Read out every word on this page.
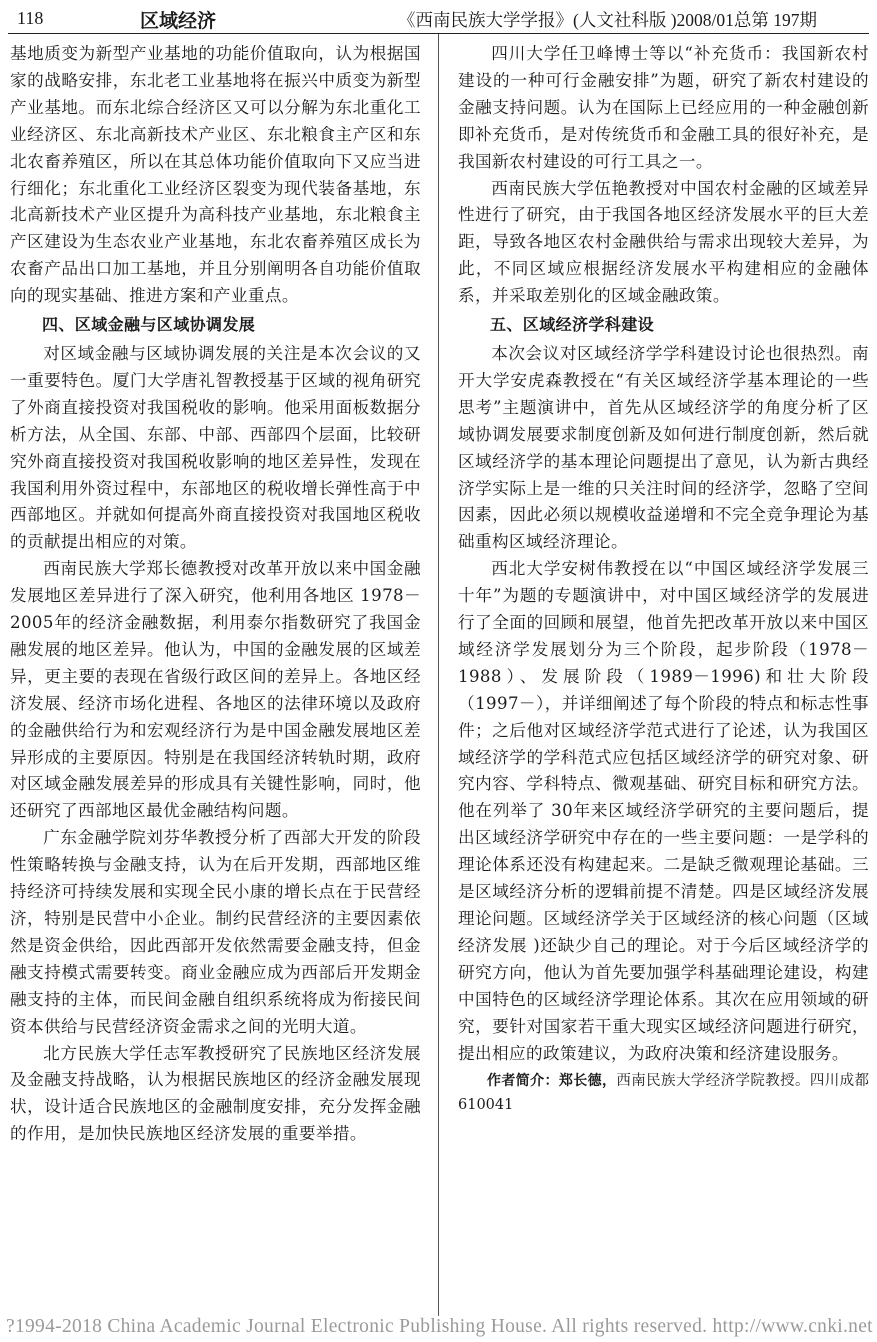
118	区域经济	《西南民族大学学报》(人文社科版 )2008/01总第 197期

基地质变为新型产业基地的功能价值取向，认为根据国家的战略安排，东北老工业基地将在振兴中质变为新型产业基地。而东北综合经济区又可以分解为东北重化工业经济区、东北高新技术产业区、东北粮食主产区和东北农畜养殖区，所以在其总体功能价值取向下又应当进行细化；东北重化工业经济区裂变为现代装备基地，东北高新技术产业区提升为高科技产业基地，东北粮食主产区建设为生态农业产业基地，东北农畜养殖区成长为农畜产品出口加工基地，并且分别阐明各自功能价值取向的现实基础、推进方案和产业重点。

四、区域金融与区域协调发展

对区域金融与区域协调发展的关注是本次会议的又一重要特色。厦门大学唐礼智教授基于区域的视角研究了外商直接投资对我国税收的影响。他采用面板数据分析方法，从全国、东部、中部、西部四个层面，比较研究外商直接投资对我国税收影响的地区差异性，发现在我国利用外资过程中，东部地区的税收增长弹性高于中西部地区。并就如何提高外商直接投资对我国地区税收的贡献提出相应的对策。

西南民族大学郑长德教授对改革开放以来中国金融发展地区差异进行了深入研究，他利用各地区 1978－2005年的经济金融数据，利用泰尔指数研究了我国金融发展的地区差异。他认为，中国的金融发展的区域差异，更主要的表现在省级行政区间的差异上。各地区经济发展、经济市场化进程、各地区的法律环境以及政府的金融供给行为和宏观经济行为是中国金融发展地区差异形成的主要原因。特别是在我国经济转轨时期，政府对区域金融发展差异的形成具有关键性影响，同时，他还研究了西部地区最优金融结构问题。

广东金融学院刘芬华教授分析了西部大开发的阶段性策略转换与金融支持，认为在后开发期，西部地区维持经济可持续发展和实现全民小康的增长点在于民营经济，特别是民营中小企业。制约民营经济的主要因素依然是资金供给，因此西部开发依然需要金融支持，但金融支持模式需要转变。商业金融应成为西部后开发期金融支持的主体，而民间金融自组织系统将成为衔接民间资本供给与民营经济资金需求之间的光明大道。

北方民族大学任志军教授研究了民族地区经济发展及金融支持战略，认为根据民族地区的经济金融发展现状，设计适合民族地区的金融制度安排，充分发挥金融的作用，是加快民族地区经济发展的重要举措。

四川大学任卫峰博士等以“补充货币：我国新农村建设的一种可行金融安排”为题，研究了新农村建设的金融支持问题。认为在国际上已经应用的一种金融创新即补充货币，是对传统货币和金融工具的很好补充，是我国新农村建设的可行工具之一。

西南民族大学伍艳教授对中国农村金融的区域差异性进行了研究，由于我国各地区经济发展水平的巨大差距，导致各地区农村金融供给与需求出现较大差异，为此，不同区域应根据经济发展水平构建相应的金融体系，并采取差别化的区域金融政策。

五、区域经济学科建设

本次会议对区域经济学学科建设讨论也很热烈。南开大学安虎森教授在“有关区域经济学基本理论的一些思考”主题演讲中，首先从区域经济学的角度分析了区域协调发展要求制度创新及如何进行制度创新，然后就区域经济学的基本理论问题提出了意见，认为新古典经济学实际上是一维的只关注时间的经济学，忽略了空间因素，因此必须以规模收益递增和不完全竞争理论为基础重构区域经济理论。

西北大学安树伟教授在以“中国区域经济学发展三十年”为题的专题演讲中，对中国区域经济学的发展进行了全面的回顾和展望，他首先把改革开放以来中国区域经济学发展划分为三个阶段，起步阶段（1978－1988）、发展阶段（1989－1996)和壮大阶段（1997－），并详细阐述了每个阶段的特点和标志性事件；之后他对区域经济学范式进行了论述，认为我国区域经济学的学科范式应包括区域经济学的研究对象、研究内容、学科特点、微观基础、研究目标和研究方法。他在列举了 30年来区域经济学研究的主要问题后，提出区域经济学研究中存在的一些主要问题：一是学科的理论体系还没有构建起来。二是缺乏微观理论基础。三是区域经济分析的逻辑前提不清楚。四是区域经济发展理论问题。区域经济学关于区域经济的核心问题（区域经济发展 )还缺少自己的理论。对于今后区域经济学的研究方向，他认为首先要加强学科基础理论建设，构建中国特色的区域经济学理论体系。其次在应用领域的研究，要针对国家若干重大现实区域经济问题进行研究，提出相应的政策建议，为政府决策和经济建设服务。

作者简介：郑长德，西南民族大学经济学院教授。四川成都 610041

?1994-2018 China Academic Journal Electronic Publishing House. All rights reserved. http://www.cnki.net
